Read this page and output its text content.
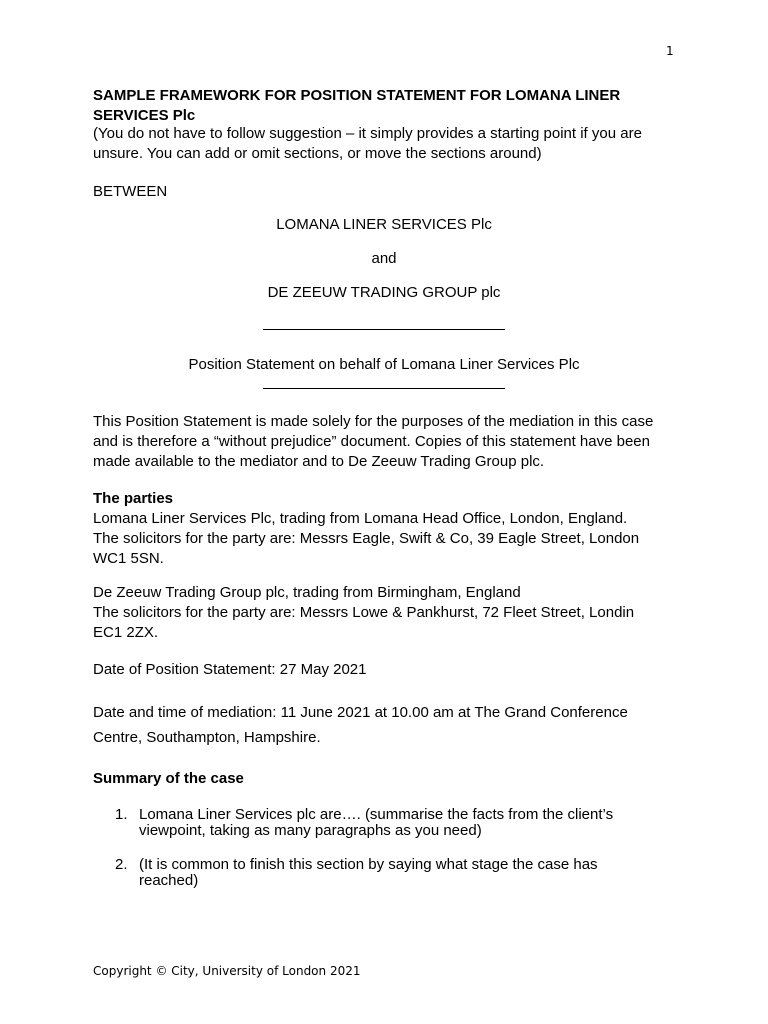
1
SAMPLE FRAMEWORK FOR POSITION STATEMENT FOR LOMANA LINER
SERVICES Plc
(You do not have to follow suggestion – it simply provides a starting point if you are
unsure. You can add or omit sections, or move the sections around)
BETWEEN
LOMANA LINER SERVICES Plc
and
DE ZEEUW TRADING GROUP plc
Position Statement on behalf of Lomana Liner Services Plc
This Position Statement is made solely for the purposes of the mediation in this case
and is therefore a “without prejudice” document. Copies of this statement have been
made available to the mediator and to De Zeeuw Trading Group plc.
The parties
Lomana Liner Services Plc, trading from Lomana Head Office, London, England.
The solicitors for the party are: Messrs Eagle, Swift & Co, 39 Eagle Street, London
WC1 5SN.
De Zeeuw Trading Group plc, trading from Birmingham, England
The solicitors for the party are: Messrs Lowe & Pankhurst, 72 Fleet Street, Londin
EC1 2ZX.
Date of Position Statement: 27 May 2021
Date and time of mediation: 11 June 2021 at 10.00 am at The Grand Conference
Centre, Southampton, Hampshire.
Summary of the case
1. Lomana Liner Services plc are…. (summarise the facts from the client’s
viewpoint, taking as many paragraphs as you need)
2. (It is common to finish this section by saying what stage the case has
reached)
Copyright © City, University of London 2021
